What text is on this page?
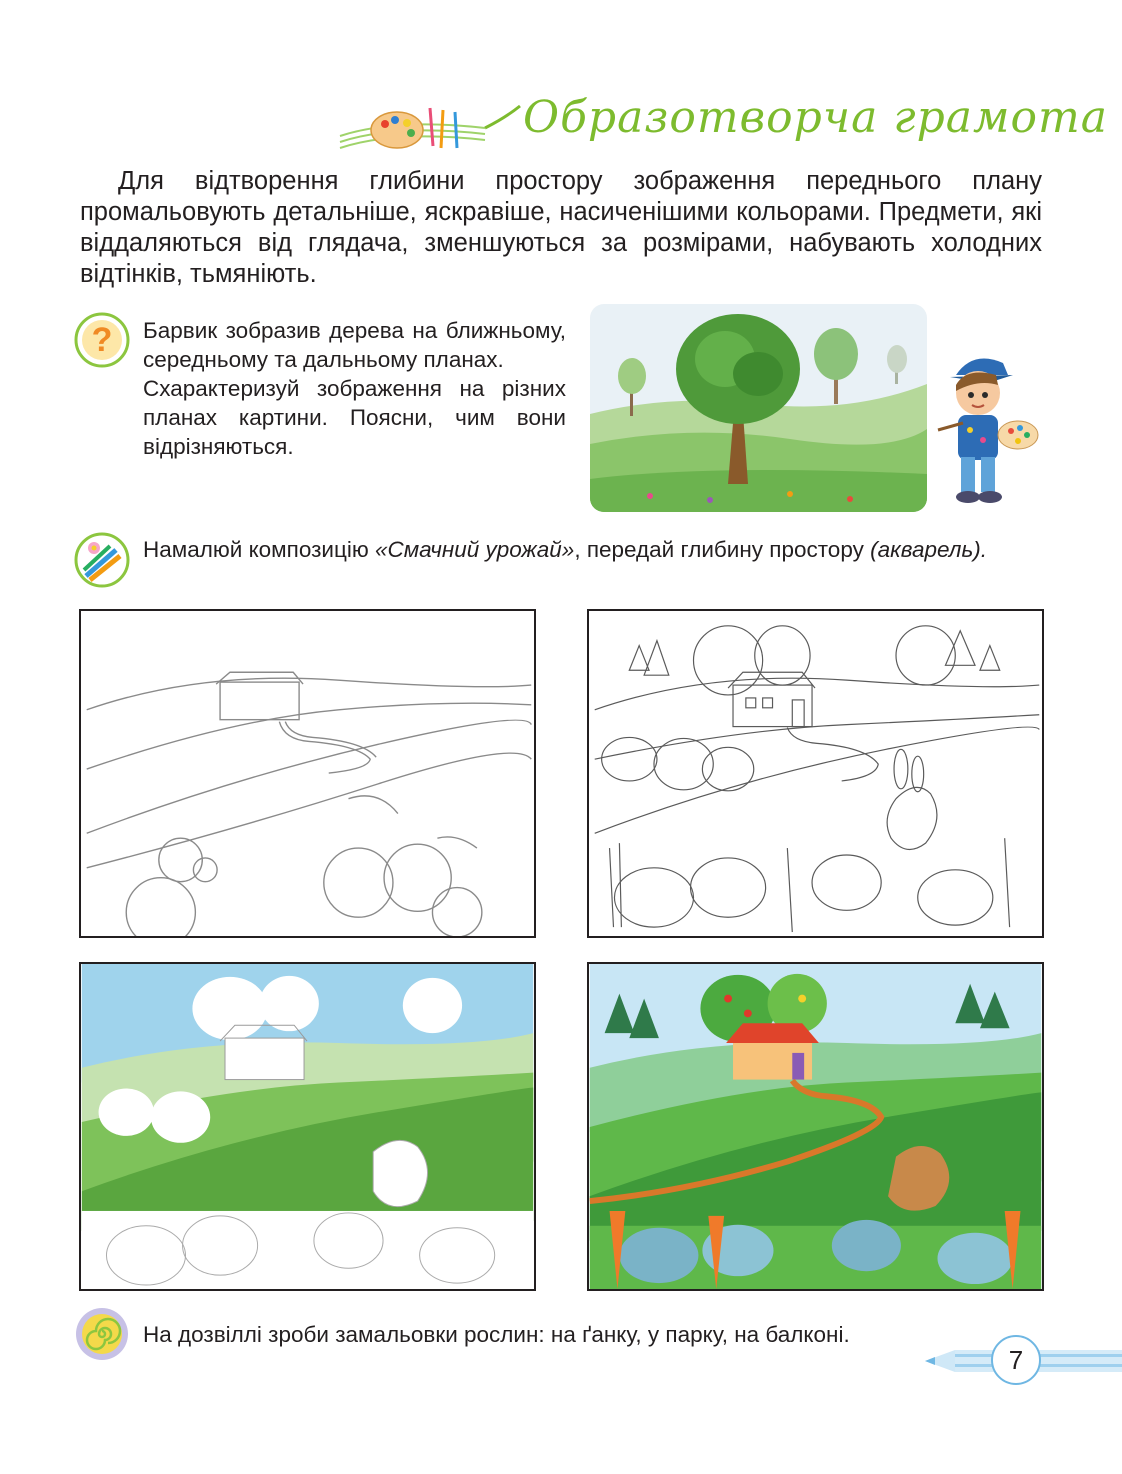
Образотворча грамота

Для відтворення глибини простору зображення переднього плану промальовують детальніше, яскравіше, насиченішими кольорами. Предмети, які віддаляються від глядача, зменшуються за розмірами, набувають холодних відтінків, тьмяніють.

? Барвик зобразив дерева на ближньому, середньому та дальньому планах.

Схарактеризуй зображення на різних планах картини. Поясни, чим вони відрізняються.

Намалюй композицію «Смачний урожай», передай глибину простору (акварель).
На дозвіллі зроби замальовки рослин: на ґанку, у парку, на балконі.
7
